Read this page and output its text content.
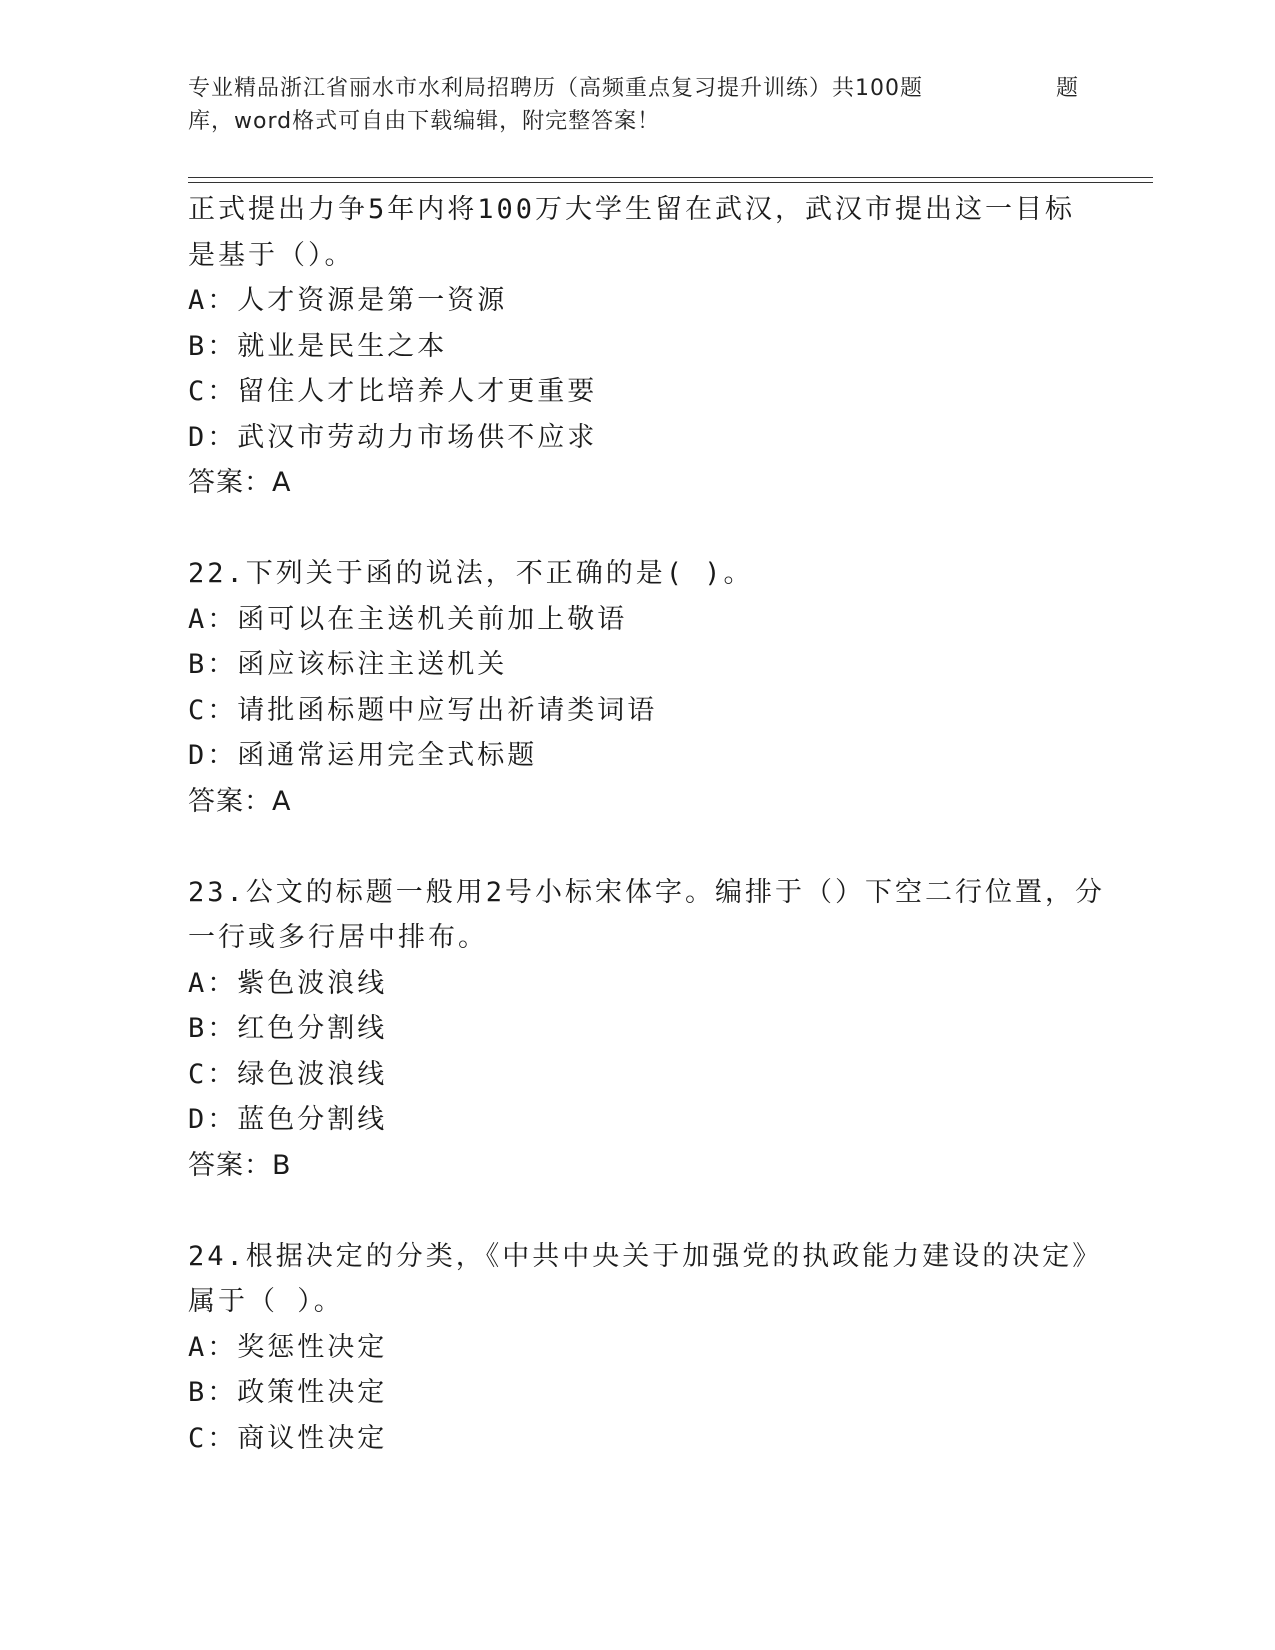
专业精品浙江省丽水市水利局招聘历（高频重点复习提升训练）共100题
库，word格式可自由下载编辑，附完整答案！
题
正式提出力争5年内将100万大学生留在武汉，武汉市提出这一目标
是基于（）。
A：人才资源是第一资源
B：就业是民生之本
C：留住人才比培养人才更重要
D：武汉市劳动力市场供不应求
答案：A
22.下列关于函的说法，不正确的是( )。
A：函可以在主送机关前加上敬语
B：函应该标注主送机关
C：请批函标题中应写出祈请类词语
D：函通常运用完全式标题
答案：A
23.公文的标题一般用2号小标宋体字。编排于（）下空二行位置，分
一行或多行居中排布。
A：紫色波浪线
B：红色分割线
C：绿色波浪线
D：蓝色分割线
答案：B
24.根据决定的分类，《中共中央关于加强党的执政能力建设的决定》
属于（ ）。
A：奖惩性决定
B：政策性决定
C：商议性决定
